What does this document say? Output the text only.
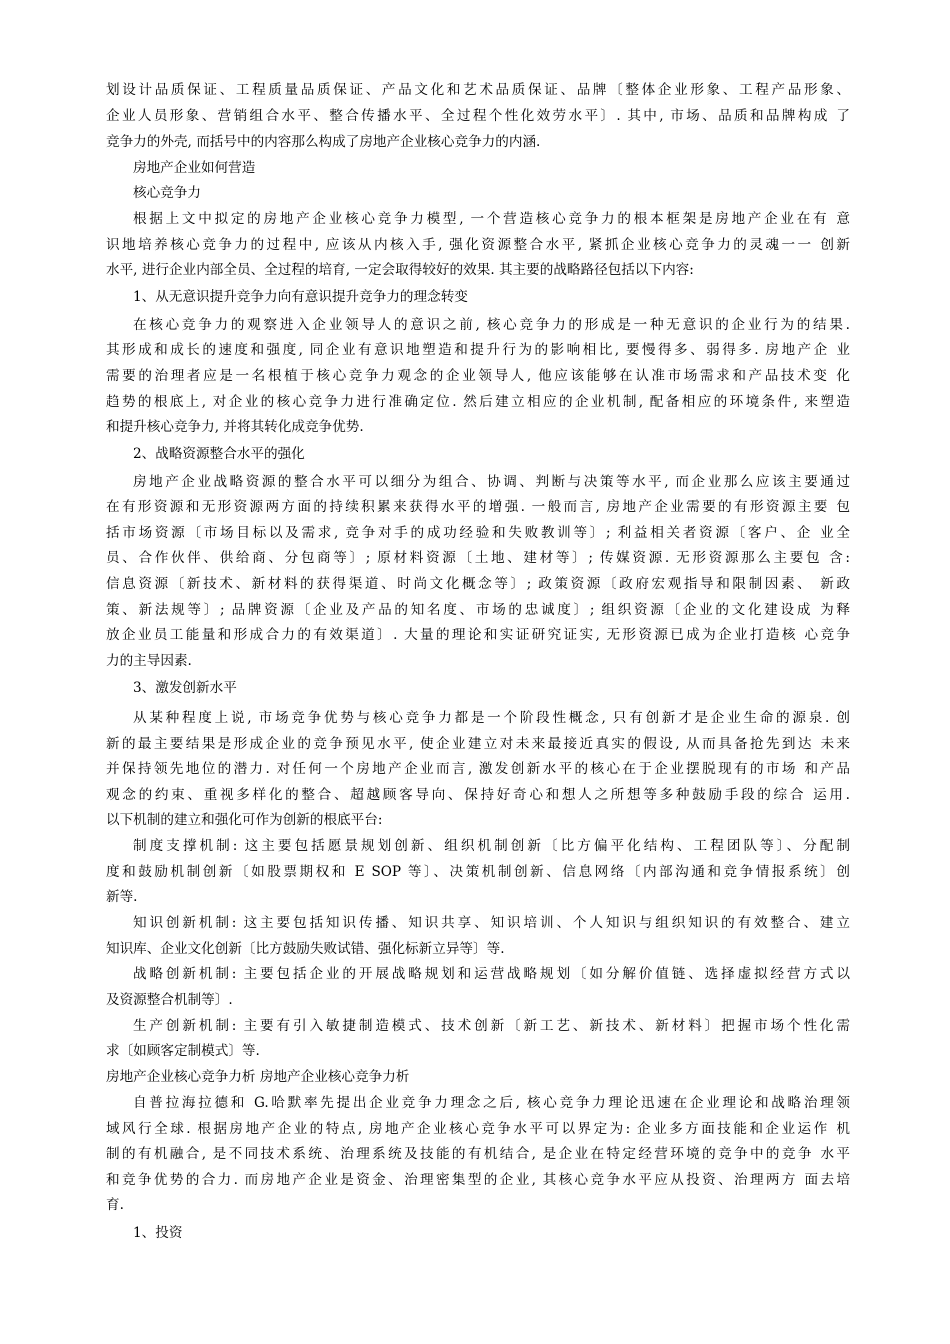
划设计品质保证、工程质量品质保证、产品文化和艺术品质保证、品牌〔整体企业形象、工程产品形象、
企业人员形象、营销组合水平、整合传播水平、全过程个性化效劳水平〕. 其中, 市场、品质和品牌构成 了
竞争力的外壳, 而括号中的内容那么构成了房地产企业核心竞争力的内涵.
房地产企业如何营造
核心竞争力
根据上文中拟定的房地产企业核心竞争力模型, 一个营造核心竞争力的根本框架是房地产企业在有 意
识地培养核心竞争力的过程中, 应该从内核入手, 强化资源整合水平, 紧抓企业核心竞争力的灵魂一一 创新
水平, 进行企业内部全员、全过程的培育, 一定会取得较好的效果. 其主要的战略路径包括以下内容:
1、从无意识提升竞争力向有意识提升竞争力的理念转变
在核心竞争力的观察进入企业领导人的意识之前, 核心竞争力的形成是一种无意识的企业行为的结果.
其形成和成长的速度和强度, 同企业有意识地塑造和提升行为的影响相比, 要慢得多、弱得多. 房地产企 业
需要的治理者应是一名根植于核心竞争力观念的企业领导人, 他应该能够在认准市场需求和产品技术变 化
趋势的根底上, 对企业的核心竞争力进行准确定位. 然后建立相应的企业机制, 配备相应的环境条件, 来塑造
和提升核心竞争力, 并将其转化成竞争优势.
2、战略资源整合水平的强化
房地产企业战略资源的整合水平可以细分为组合、协调、判断与决策等水平, 而企业那么应该主要通过
在有形资源和无形资源两方面的持续积累来获得水平的增强. 一般而言, 房地产企业需要的有形资源主要 包
括市场资源〔市场目标以及需求, 竞争对手的成功经验和失败教训等〕; 利益相关者资源〔客户、企 业全
员、合作伙伴、供给商、分包商等〕; 原材料资源〔土地、建材等〕; 传媒资源. 无形资源那么主要包 含:
信息资源〔新技术、新材料的获得渠道、时尚文化概念等〕; 政策资源〔政府宏观指导和限制因素、 新政
策、新法规等〕; 品牌资源〔企业及产品的知名度、市场的忠诚度〕; 组织资源〔企业的文化建设成 为释
放企业员工能量和形成合力的有效渠道〕. 大量的理论和实证研究证实, 无形资源已成为企业打造核 心竞争
力的主导因素.
3、激发创新水平
从某种程度上说, 市场竞争优势与核心竞争力都是一个阶段性概念, 只有创新才是企业生命的源泉. 创
新的最主要结果是形成企业的竞争预见水平, 使企业建立对未来最接近真实的假设, 从而具备抢先到达 未来
并保持领先地位的潜力. 对任何一个房地产企业而言, 激发创新水平的核心在于企业摆脱现有的市场 和产品
观念的约束、重视多样化的整合、超越顾客导向、保持好奇心和想人之所想等多种鼓励手段的综合 运用.
以下机制的建立和强化可作为创新的根底平台:
制度支撑机制: 这主要包括愿景规划创新、组织机制创新〔比方偏平化结构、工程团队等〕、分配制
度和鼓励机制创新〔如股票期权和 E SOP 等〕、决策机制创新、信息网络〔内部沟通和竞争情报系统〕创
新等.
知识创新机制: 这主要包括知识传播、知识共享、知识培训、个人知识与组织知识的有效整合、建立
知识库、企业文化创新〔比方鼓励失败试错、强化标新立异等〕等.
战略创新机制: 主要包括企业的开展战略规划和运营战略规划〔如分解价值链、选择虚拟经营方式以
及资源整合机制等〕.
生产创新机制: 主要有引入敏捷制造模式、技术创新〔新工艺、新技术、新材料〕把握市场个性化需
求〔如顾客定制模式〕等.
房地产企业核心竞争力析 房地产企业核心竞争力析
自普拉海拉德和 G.哈默率先提出企业竞争力理念之后, 核心竞争力理论迅速在企业理论和战略治理领
域风行全球. 根据房地产企业的特点, 房地产企业核心竞争水平可以界定为: 企业多方面技能和企业运作 机
制的有机融合, 是不同技术系统、治理系统及技能的有机结合, 是企业在特定经营环境的竞争中的竞争 水平
和竞争优势的合力. 而房地产企业是资金、治理密集型的企业, 其核心竞争水平应从投资、治理两方 面去培
育.
1、投资
